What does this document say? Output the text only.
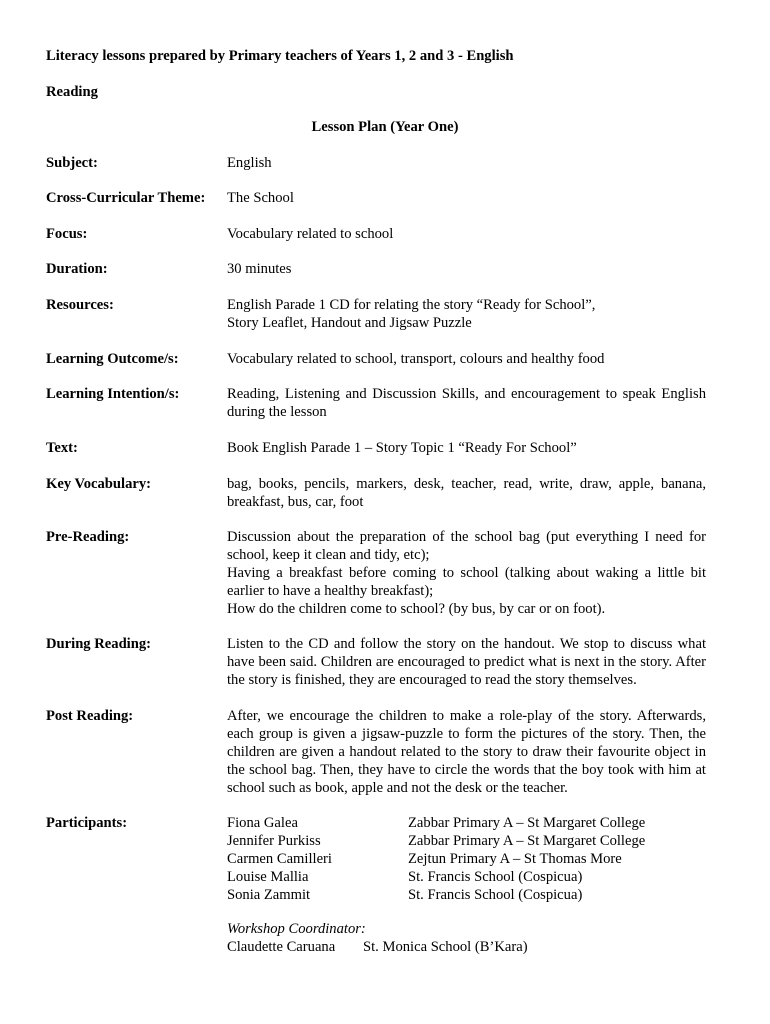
Literacy lessons prepared by Primary teachers of Years 1, 2 and 3 - English
Reading
Lesson Plan (Year One)
Subject:	English
Cross-Curricular Theme:	The School
Focus:	Vocabulary related to school
Duration:	30 minutes
Resources:	English Parade 1 CD for relating the story “Ready for School”,
Story Leaflet, Handout and Jigsaw Puzzle
Learning Outcome/s:	Vocabulary related to school, transport, colours and healthy food
Learning Intention/s:	Reading, Listening and Discussion Skills, and encouragement to speak English during the lesson
Text:	Book English Parade 1 – Story Topic 1 “Ready For School”
Key Vocabulary:	bag, books, pencils, markers, desk, teacher, read, write, draw, apple, banana, breakfast, bus, car, foot
Pre-Reading:	Discussion about the preparation of the school bag (put everything I need for school, keep it clean and tidy, etc);
Having a breakfast before coming to school (talking about waking a little bit earlier to have a healthy breakfast);
How do the children come to school? (by bus, by car or on foot).
During Reading:	Listen to the CD and follow the story on the handout. We stop to discuss what have been said. Children are encouraged to predict what is next in the story. After the story is finished, they are encouraged to read the story themselves.
Post Reading:	After, we encourage the children to make a role-play of the story. Afterwards, each group is given a jigsaw-puzzle to form the pictures of the story. Then, the children are given a handout related to the story to draw their favourite object in the school bag. Then, they have to circle the words that the boy took with him at school such as book, apple and not the desk or the teacher.
Participants:	Fiona Galea	Zabbar Primary A – St Margaret College
Jennifer Purkiss	Zabbar Primary A – St Margaret College
Carmen Camilleri	Zejtun Primary A – St Thomas More
Louise Mallia	St. Francis School (Cospicua)
Sonia Zammit	St. Francis School (Cospicua)
Workshop Coordinator:
Claudette Caruana St. Monica School (B’Kara)
